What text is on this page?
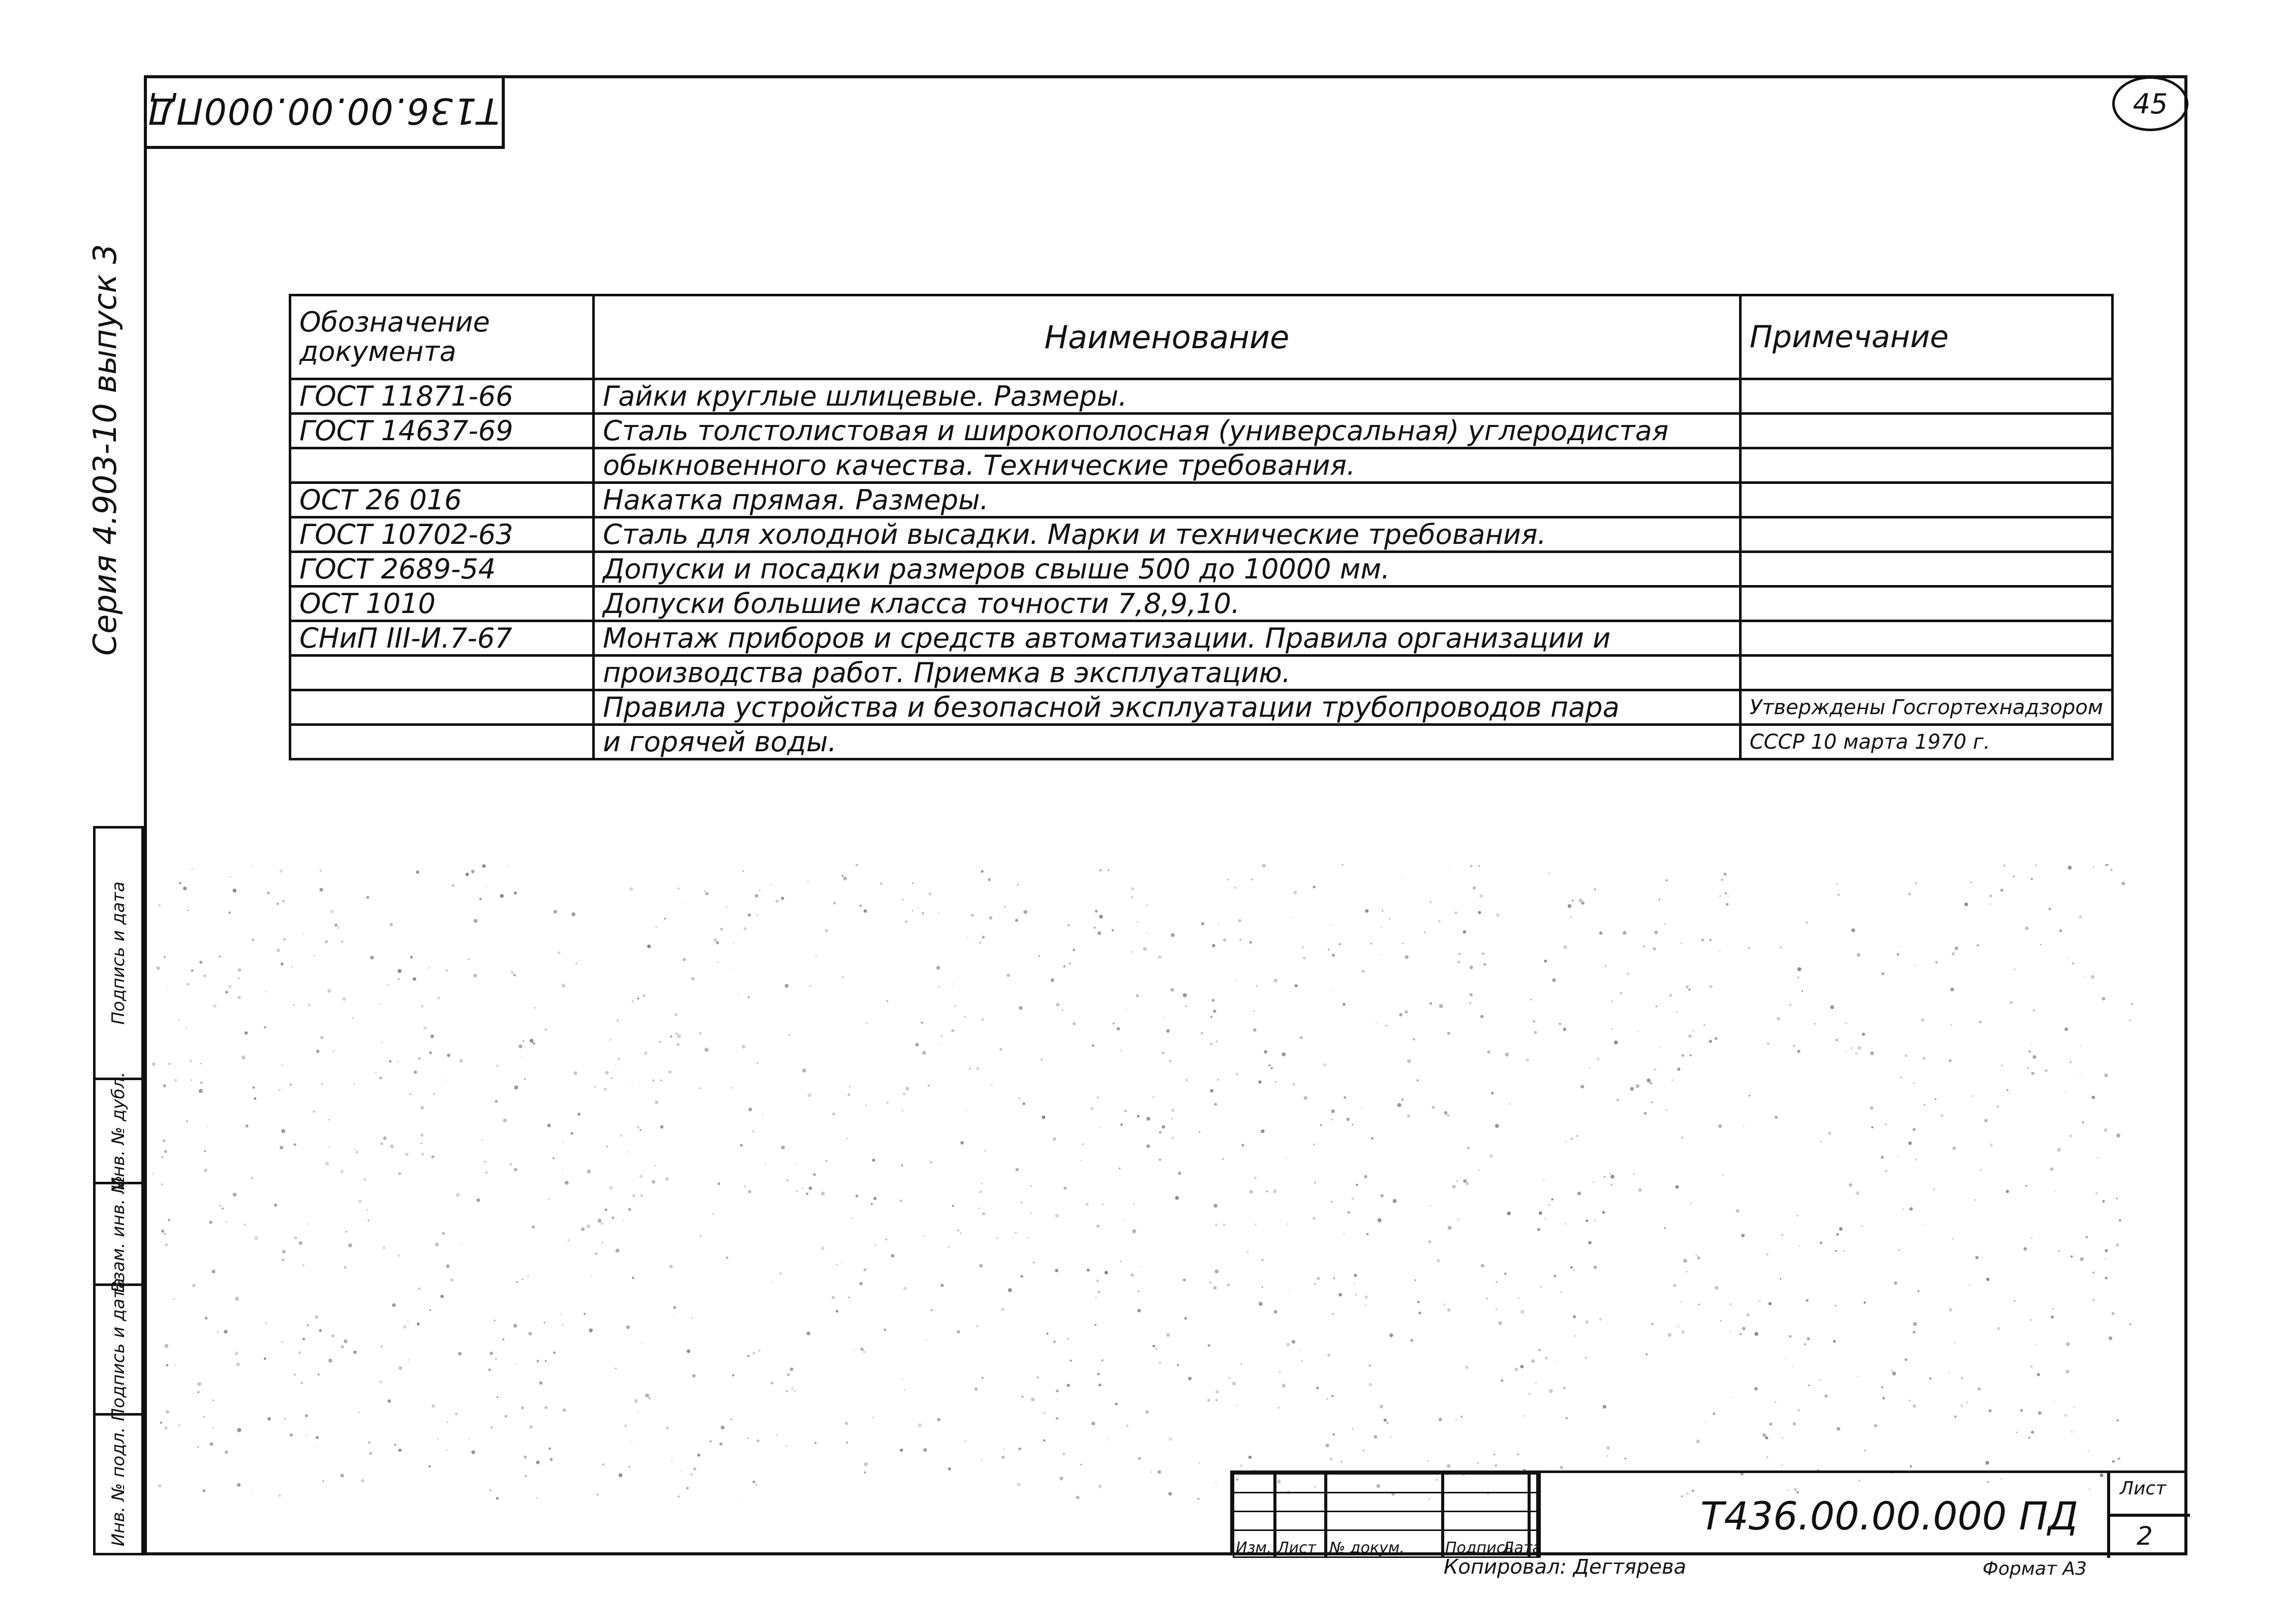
T136.00.00.000ПД	45
Серия 4.903-10 выпуск 3
Инв. № подл.
Подпись и дата
Взам. инв. №
Инв. № дубл.
Подпись и дата
Обозначение документа	Наименование	Примечание
ГОСТ 11871-66	Гайки круглые шлицевые. Размеры.	
ГОСТ 14637-69	Сталь толстолистовая и широкополосная (универсальная) углеродистая	
	обыкновенного качества. Технические требования.	
ОСТ 26 016	Накатка прямая. Размеры.	
ГОСТ 10702-63	Сталь для холодной высадки. Марки и технические требования.	
ГОСТ 2689-54	Допуски и посадки размеров свыше 500 до 10000 мм.	
ОСТ 1010	Допуски большие класса точности 7,8,9,10.	
СНиП III-И.7-67	Монтаж приборов и средств автоматизации. Правила организации и	
	производства работ. Приемка в эксплуатацию.	
	Правила устройства и безопасной эксплуатации трубопроводов пара	Утверждены Госгортехнадзором
	и горячей воды.	СССР 10 марта 1970 г.
Изм. Лист № докум.	Подпись
Дата
Т436.00.00.000 ПД
Лист
2
Копировал: Дегтярева	Формат А3
